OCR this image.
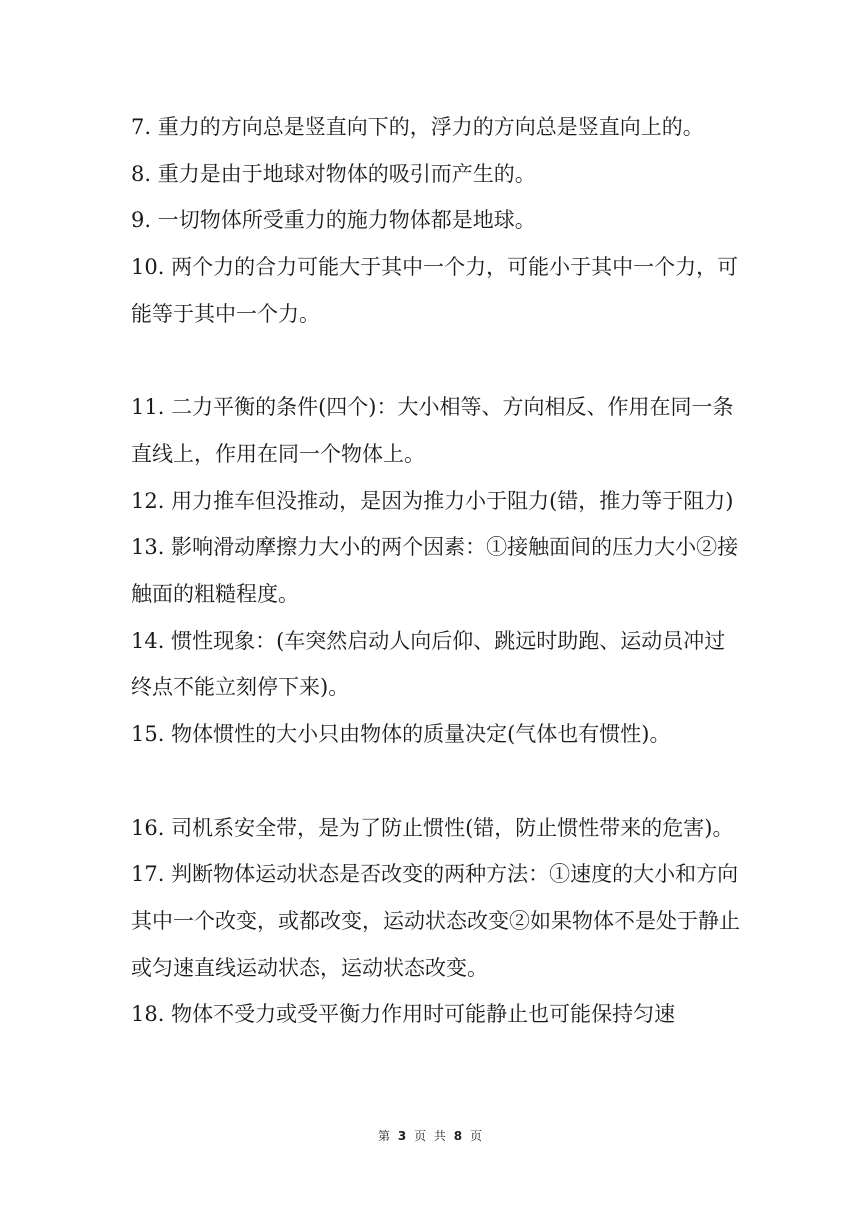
7. 重力的方向总是竖直向下的，浮力的方向总是竖直向上的。

8. 重力是由于地球对物体的吸引而产生的。

9. 一切物体所受重力的施力物体都是地球。

10. 两个力的合力可能大于其中一个力，可能小于其中一个力，可能等于其中一个力。

11. 二力平衡的条件(四个)：大小相等、方向相反、作用在同一条直线上，作用在同一个物体上。

12. 用力推车但没推动，是因为推力小于阻力(错，推力等于阻力)

13. 影响滑动摩擦力大小的两个因素：①接触面间的压力大小②接触面的粗糙程度。

14. 惯性现象：(车突然启动人向后仰、跳远时助跑、运动员冲过终点不能立刻停下来)。

15. 物体惯性的大小只由物体的质量决定(气体也有惯性)。

16. 司机系安全带，是为了防止惯性(错，防止惯性带来的危害)。

17. 判断物体运动状态是否改变的两种方法：①速度的大小和方向其中一个改变，或都改变，运动状态改变②如果物体不是处于静止或匀速直线运动状态，运动状态改变。

18. 物体不受力或受平衡力作用时可能静止也可能保持匀速

第 3 页 共 8 页
